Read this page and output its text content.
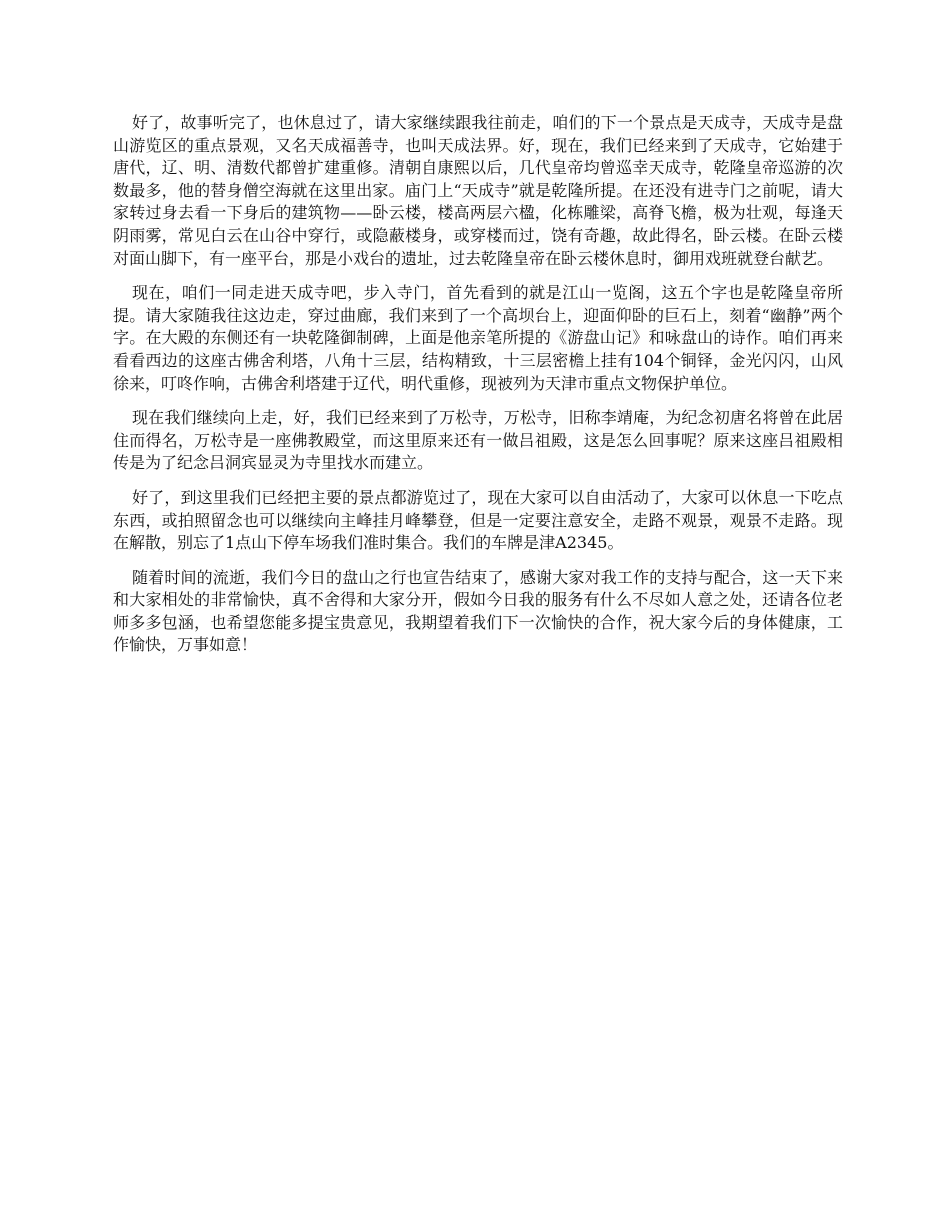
好了，故事听完了，也休息过了，请大家继续跟我往前走，咱们的下一个景点是天成寺，天成寺是盘山游览区的重点景观，又名天成福善寺，也叫天成法界。好，现在，我们已经来到了天成寺，它始建于唐代，辽、明、清数代都曾扩建重修。清朝自康熙以后，几代皇帝均曾巡幸天成寺，乾隆皇帝巡游的次数最多，他的替身僧空海就在这里出家。庙门上“天成寺”就是乾隆所提。在还没有进寺门之前呢，请大家转过身去看一下身后的建筑物——卧云楼，楼高两层六楹，化栋雕梁，高脊飞檐，极为壮观，每逢天阴雨雾，常见白云在山谷中穿行，或隐蔽楼身，或穿楼而过，饶有奇趣，故此得名，卧云楼。在卧云楼对面山脚下，有一座平台，那是小戏台的遗址，过去乾隆皇帝在卧云楼休息时，御用戏班就登台献艺。

现在，咱们一同走进天成寺吧，步入寺门，首先看到的就是江山一览阁，这五个字也是乾隆皇帝所提。请大家随我往这边走，穿过曲廊，我们来到了一个高坝台上，迎面仰卧的巨石上，刻着“幽静”两个字。在大殿的东侧还有一块乾隆御制碑，上面是他亲笔所提的《游盘山记》和咏盘山的诗作。咱们再来看看西边的这座古佛舍利塔，八角十三层，结构精致，十三层密檐上挂有104个铜铎，金光闪闪，山风徐来，叮咚作响，古佛舍利塔建于辽代，明代重修，现被列为天津市重点文物保护单位。

现在我们继续向上走，好，我们已经来到了万松寺，万松寺，旧称李靖庵，为纪念初唐名将曾在此居住而得名，万松寺是一座佛教殿堂，而这里原来还有一做吕祖殿，这是怎么回事呢？原来这座吕祖殿相传是为了纪念吕洞宾显灵为寺里找水而建立。

好了，到这里我们已经把主要的景点都游览过了，现在大家可以自由活动了，大家可以休息一下吃点东西，或拍照留念也可以继续向主峰挂月峰攀登，但是一定要注意安全，走路不观景，观景不走路。现在解散，别忘了1点山下停车场我们准时集合。我们的车牌是津A2345。

随着时间的流逝，我们今日的盘山之行也宣告结束了，感谢大家对我工作的支持与配合，这一天下来和大家相处的非常愉快，真不舍得和大家分开，假如今日我的服务有什么不尽如人意之处，还请各位老师多多包涵，也希望您能多提宝贵意见，我期望着我们下一次愉快的合作，祝大家今后的身体健康，工作愉快，万事如意！
